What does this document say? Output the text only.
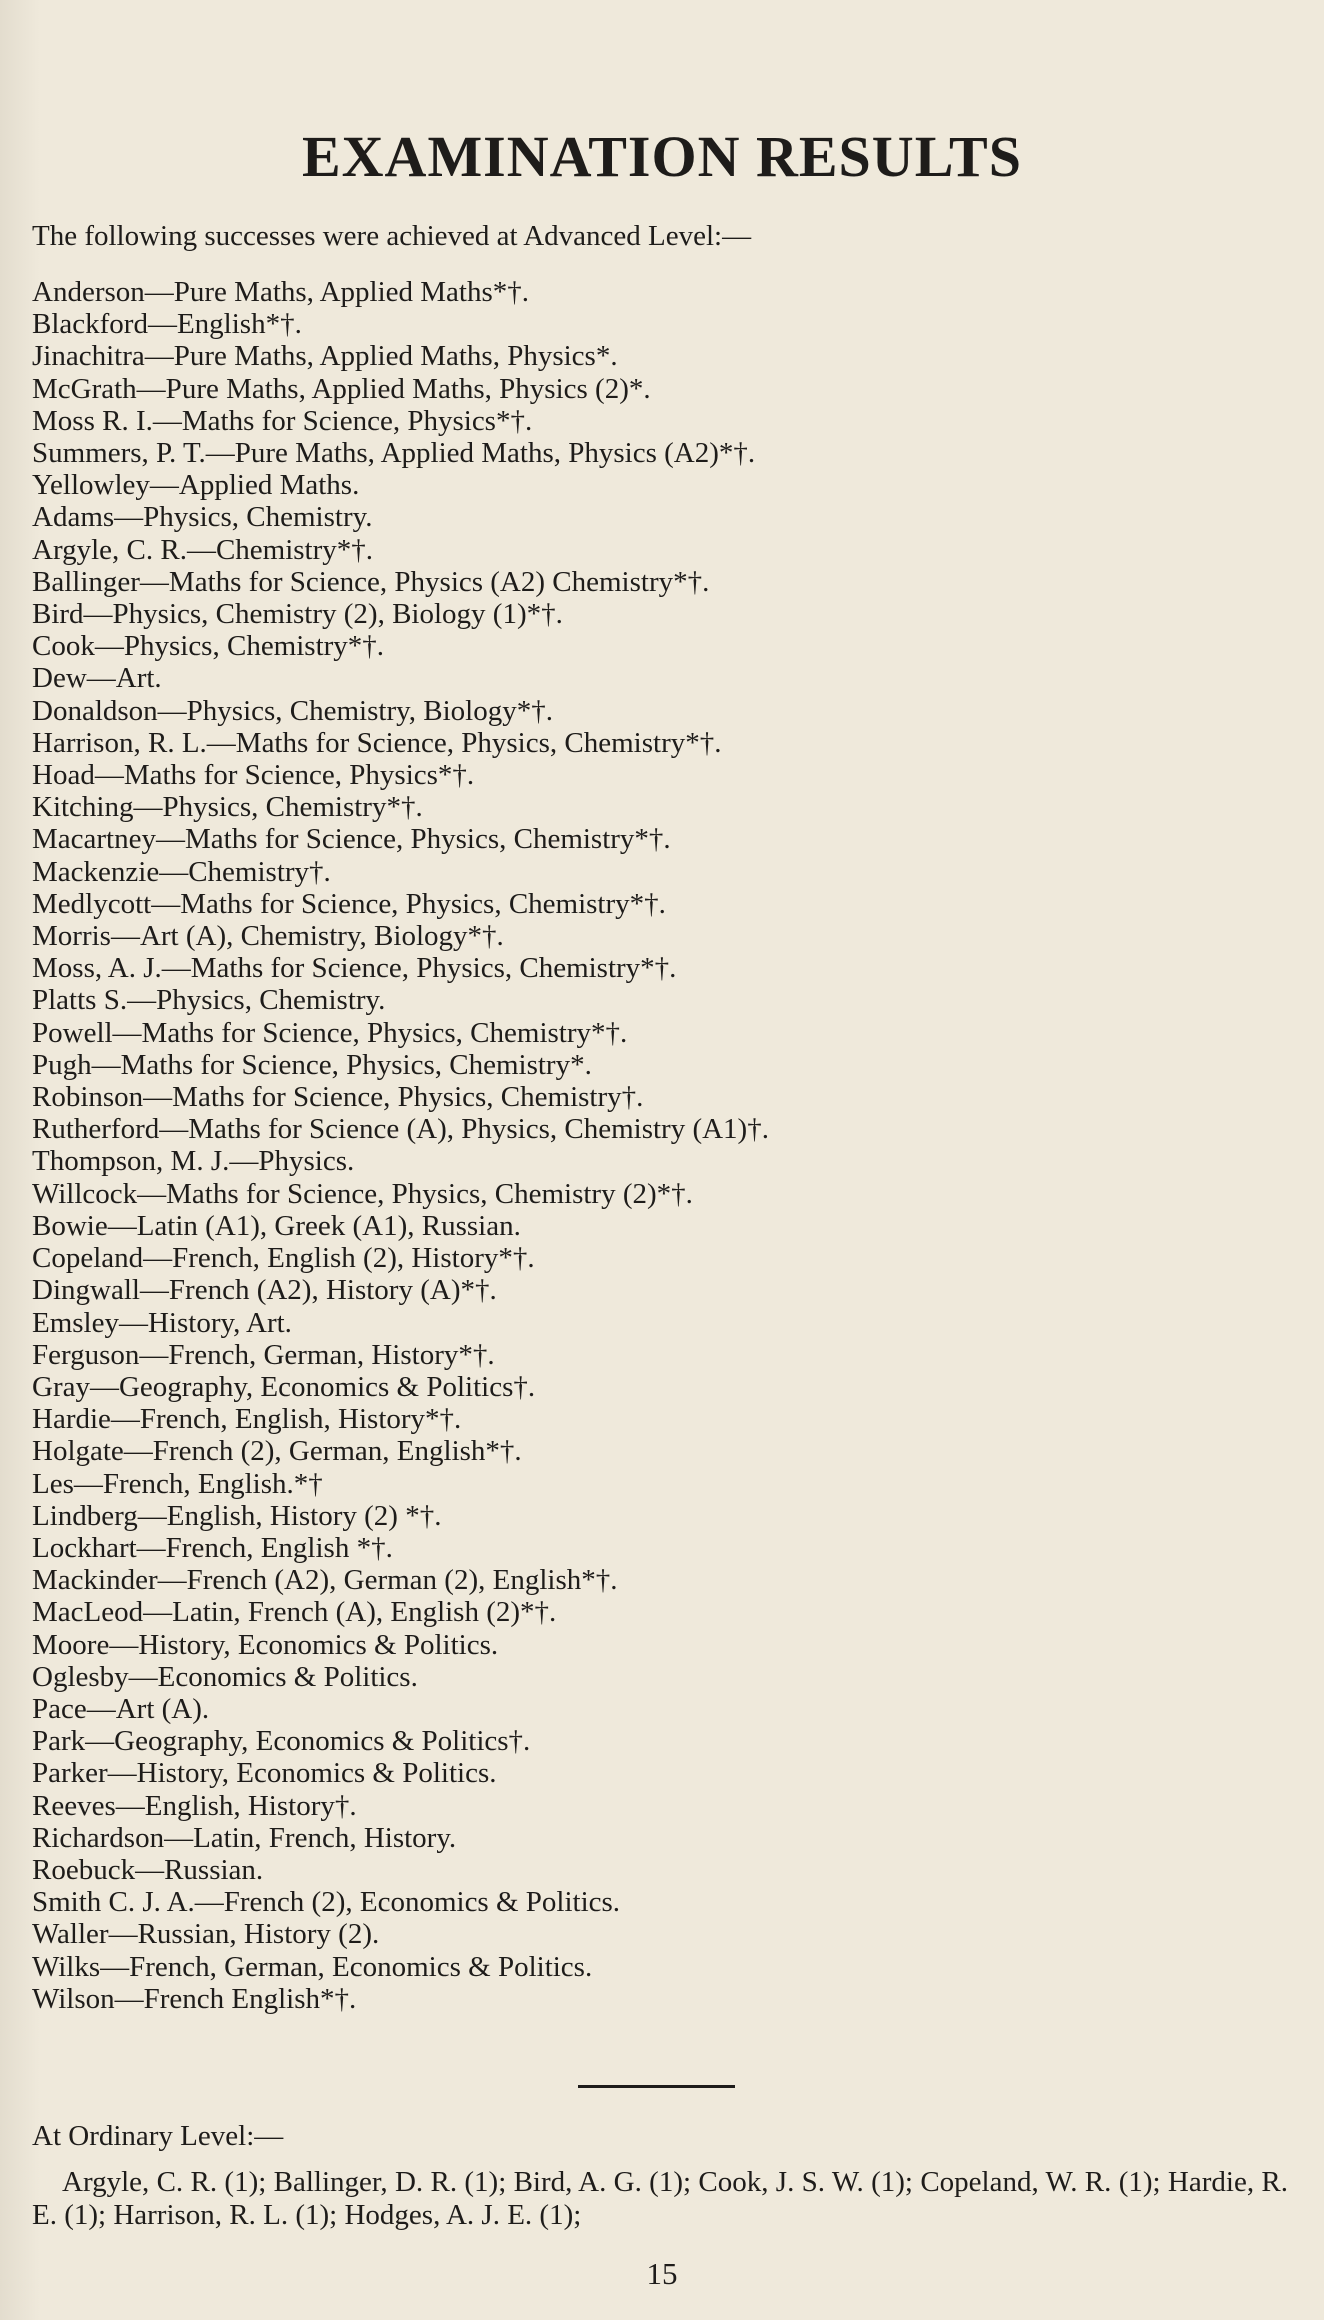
EXAMINATION RESULTS
The following successes were achieved at Advanced Level:—
Anderson—Pure Maths, Applied Maths*†.
Blackford—English*†.
Jinachitra—Pure Maths, Applied Maths, Physics*.
McGrath—Pure Maths, Applied Maths, Physics (2)*.
Moss R. I.—Maths for Science, Physics*†.
Summers, P. T.—Pure Maths, Applied Maths, Physics (A2)*†.
Yellowley—Applied Maths.
Adams—Physics, Chemistry.
Argyle, C. R.—Chemistry*†.
Ballinger—Maths for Science, Physics (A2) Chemistry*†.
Bird—Physics, Chemistry (2), Biology (1)*†.
Cook—Physics, Chemistry*†.
Dew—Art.
Donaldson—Physics, Chemistry, Biology*†.
Harrison, R. L.—Maths for Science, Physics, Chemistry*†.
Hoad—Maths for Science, Physics*†.
Kitching—Physics, Chemistry*†.
Macartney—Maths for Science, Physics, Chemistry*†.
Mackenzie—Chemistry†.
Medlycott—Maths for Science, Physics, Chemistry*†.
Morris—Art (A), Chemistry, Biology*†.
Moss, A. J.—Maths for Science, Physics, Chemistry*†.
Platts S.—Physics, Chemistry.
Powell—Maths for Science, Physics, Chemistry*†.
Pugh—Maths for Science, Physics, Chemistry*.
Robinson—Maths for Science, Physics, Chemistry†.
Rutherford—Maths for Science (A), Physics, Chemistry (A1)†.
Thompson, M. J.—Physics.
Willcock—Maths for Science, Physics, Chemistry (2)*†.
Bowie—Latin (A1), Greek (A1), Russian.
Copeland—French, English (2), History*†.
Dingwall—French (A2), History (A)*†.
Emsley—History, Art.
Ferguson—French, German, History*†.
Gray—Geography, Economics & Politics†.
Hardie—French, English, History*†.
Holgate—French (2), German, English*†.
Les—French, English.*†
Lindberg—English, History (2) *†.
Lockhart—French, English *†.
Mackinder—French (A2), German (2), English*†.
MacLeod—Latin, French (A), English (2)*†.
Moore—History, Economics & Politics.
Oglesby—Economics & Politics.
Pace—Art (A).
Park—Geography, Economics & Politics†.
Parker—History, Economics & Politics.
Reeves—English, History†.
Richardson—Latin, French, History.
Roebuck—Russian.
Smith C. J. A.—French (2), Economics & Politics.
Waller—Russian, History (2).
Wilks—French, German, Economics & Politics.
Wilson—French English*†.
At Ordinary Level:—

Argyle, C. R. (1); Ballinger, D. R. (1); Bird, A. G. (1); Cook, J. S. W. (1); Copeland, W. R. (1); Hardie, R. E. (1); Harrison, R. L. (1); Hodges, A. J. E. (1);

15
